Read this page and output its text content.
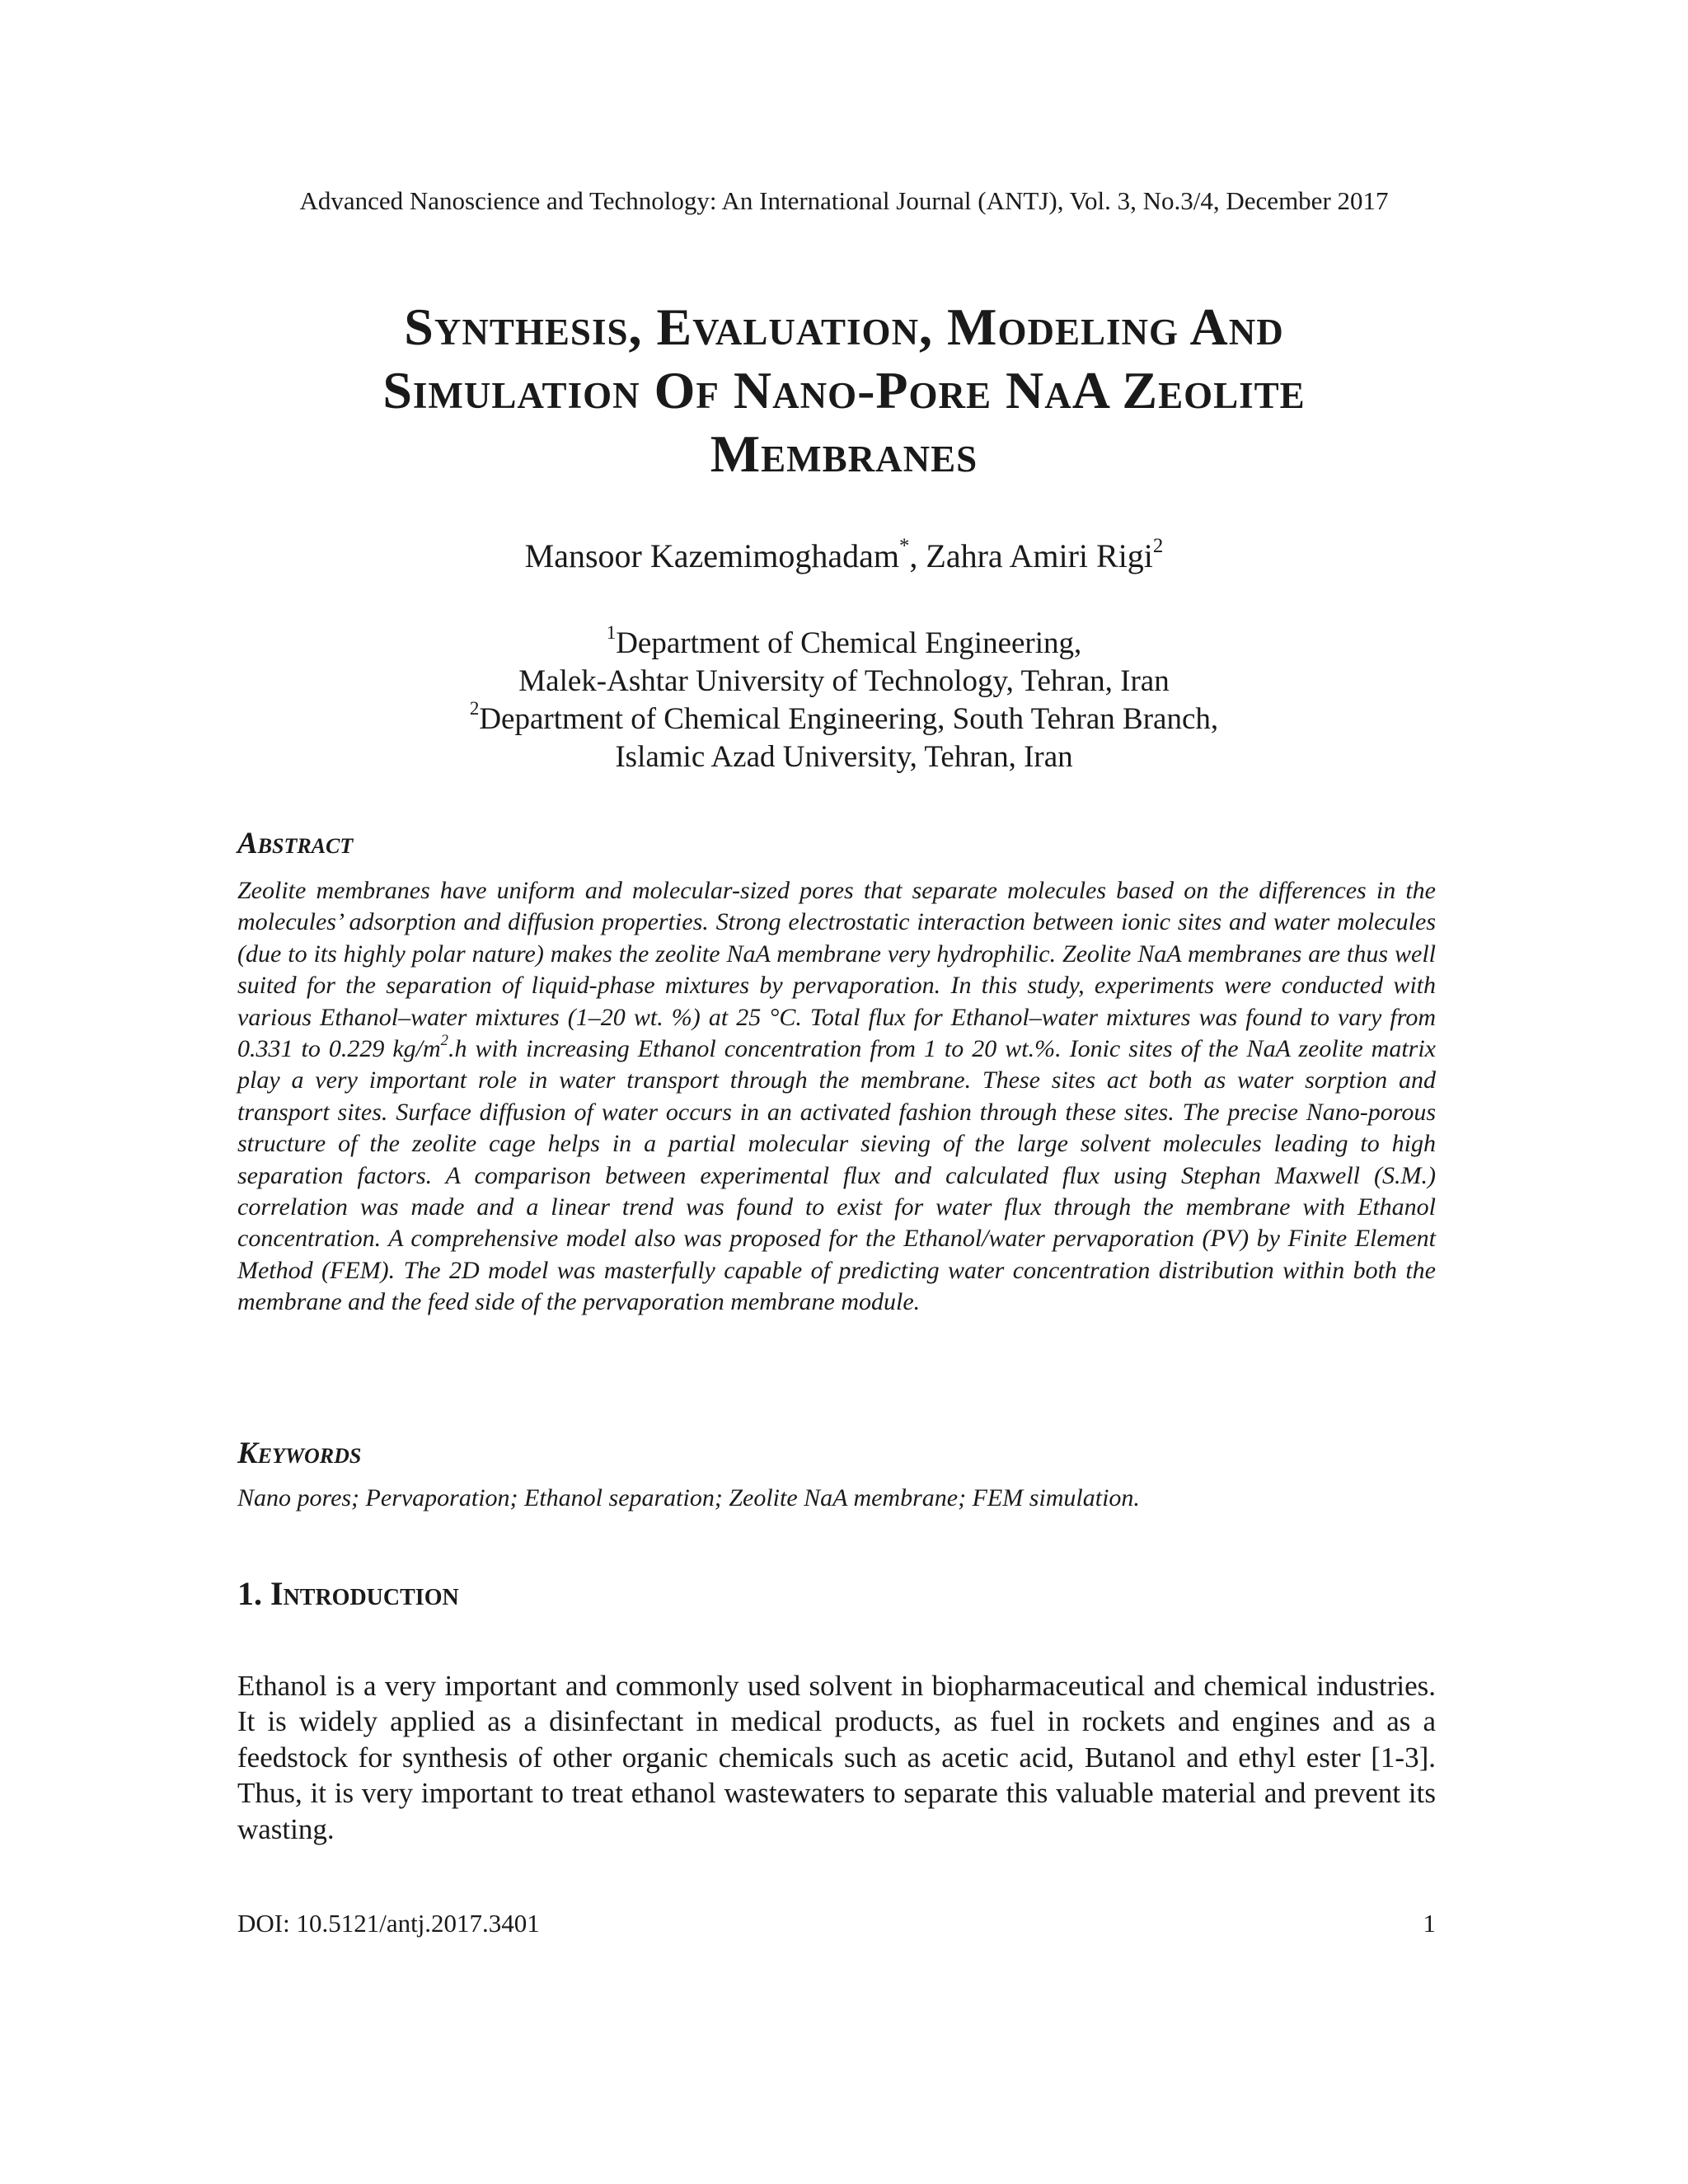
Advanced Nanoscience and Technology: An International Journal (ANTJ), Vol. 3, No.3/4, December 2017
Synthesis, Evaluation, Modeling And
Simulation Of Nano-Pore NaA Zeolite
Membranes
Mansoor Kazemimoghadam*, Zahra Amiri Rigi$^2$
$^1$Department of Chemical Engineering,
Malek-Ashtar University of Technology, Tehran, Iran
$^2$Department of Chemical Engineering, South Tehran Branch,
Islamic Azad University, Tehran, Iran
Abstract

Zeolite membranes have uniform and molecular-sized pores that separate molecules based on the differences in the molecules’ adsorption and diffusion properties. Strong electrostatic interaction between ionic sites and water molecules (due to its highly polar nature) makes the zeolite NaA membrane very hydrophilic. Zeolite NaA membranes are thus well suited for the separation of liquid-phase mixtures by pervaporation. In this study, experiments were conducted with various Ethanol–water mixtures (1–20 wt. %) at 25 °C. Total flux for Ethanol–water mixtures was found to vary from 0.331 to 0.229 $kg/m^2.h$ with increasing Ethanol concentration from 1 to 20 wt.%. Ionic sites of the NaA zeolite matrix play a very important role in water transport through the membrane. These sites act both as water sorption and transport sites. Surface diffusion of water occurs in an activated fashion through these sites. The precise Nano-porous structure of the zeolite cage helps in a partial molecular sieving of the large solvent molecules leading to high separation factors. A comparison between experimental flux and calculated flux using Stephan Maxwell (S.M.) correlation was made and a linear trend was found to exist for water flux through the membrane with Ethanol concentration. A comprehensive model also was proposed for the Ethanol/water pervaporation (PV) by Finite Element Method (FEM). The 2D model was masterfully capable of predicting water concentration distribution within both the membrane and the feed side of the pervaporation membrane module.

Keywords

Nano pores; Pervaporation; Ethanol separation; Zeolite NaA membrane; FEM simulation.

1. Introduction

Ethanol is a very important and commonly used solvent in biopharmaceutical and chemical industries. It is widely applied as a disinfectant in medical products, as fuel in rockets and engines and as a feedstock for synthesis of other organic chemicals such as acetic acid, Butanol and ethyl ester [1-3]. Thus, it is very important to treat ethanol wastewaters to separate this valuable material and prevent its wasting.

DOI: 10.5121/antj.2017.3401	1
